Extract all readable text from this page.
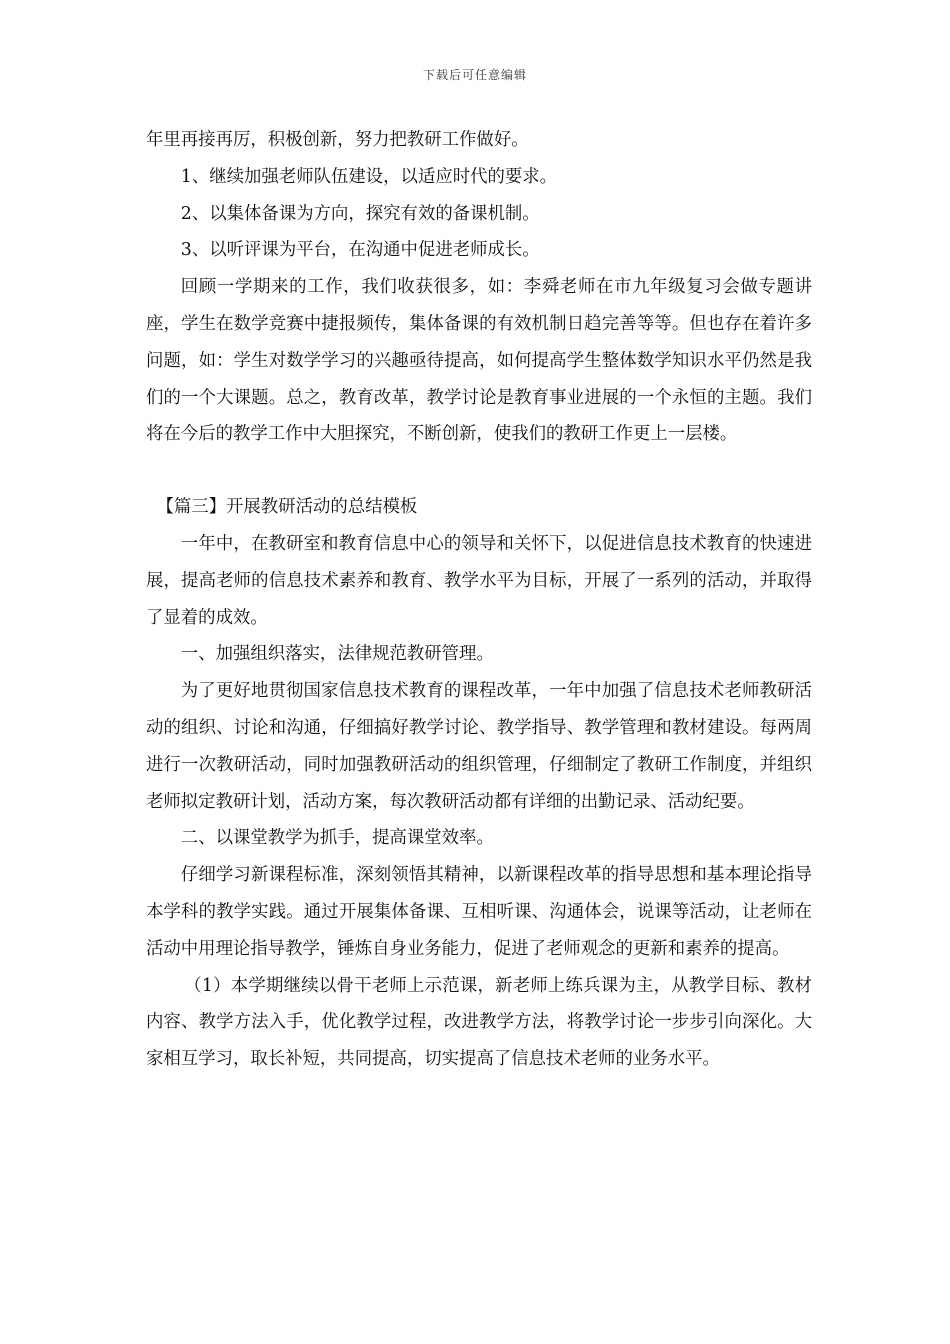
下载后可任意编辑

年里再接再厉，积极创新，努力把教研工作做好。

1、继续加强老师队伍建设，以适应时代的要求。

2、以集体备课为方向，探究有效的备课机制。

3、以听评课为平台，在沟通中促进老师成长。

回顾一学期来的工作，我们收获很多，如：李舜老师在市九年级复习会做专题讲座，学生在数学竞赛中捷报频传，集体备课的有效机制日趋完善等等。但也存在着许多问题，如：学生对数学学习的兴趣亟待提高，如何提高学生整体数学知识水平仍然是我们的一个大课题。总之，教育改革，教学讨论是教育事业进展的一个永恒的主题。我们将在今后的教学工作中大胆探究，不断创新，使我们的教研工作更上一层楼。

【篇三】开展教研活动的总结模板

一年中，在教研室和教育信息中心的领导和关怀下，以促进信息技术教育的快速进展，提高老师的信息技术素养和教育、教学水平为目标，开展了一系列的活动，并取得了显着的成效。

一、加强组织落实，法律规范教研管理。

为了更好地贯彻国家信息技术教育的课程改革，一年中加强了信息技术老师教研活动的组织、讨论和沟通，仔细搞好教学讨论、教学指导、教学管理和教材建设。每两周进行一次教研活动，同时加强教研活动的组织管理，仔细制定了教研工作制度，并组织老师拟定教研计划，活动方案，每次教研活动都有详细的出勤记录、活动纪要。

二、以课堂教学为抓手，提高课堂效率。

仔细学习新课程标准，深刻领悟其精神，以新课程改革的指导思想和基本理论指导本学科的教学实践。通过开展集体备课、互相听课、沟通体会，说课等活动，让老师在活动中用理论指导教学，锤炼自身业务能力，促进了老师观念的更新和素养的提高。

（1）本学期继续以骨干老师上示范课，新老师上练兵课为主，从教学目标、教材内容、教学方法入手，优化教学过程，改进教学方法，将教学讨论一步步引向深化。大家相互学习，取长补短，共同提高，切实提高了信息技术老师的业务水平。
